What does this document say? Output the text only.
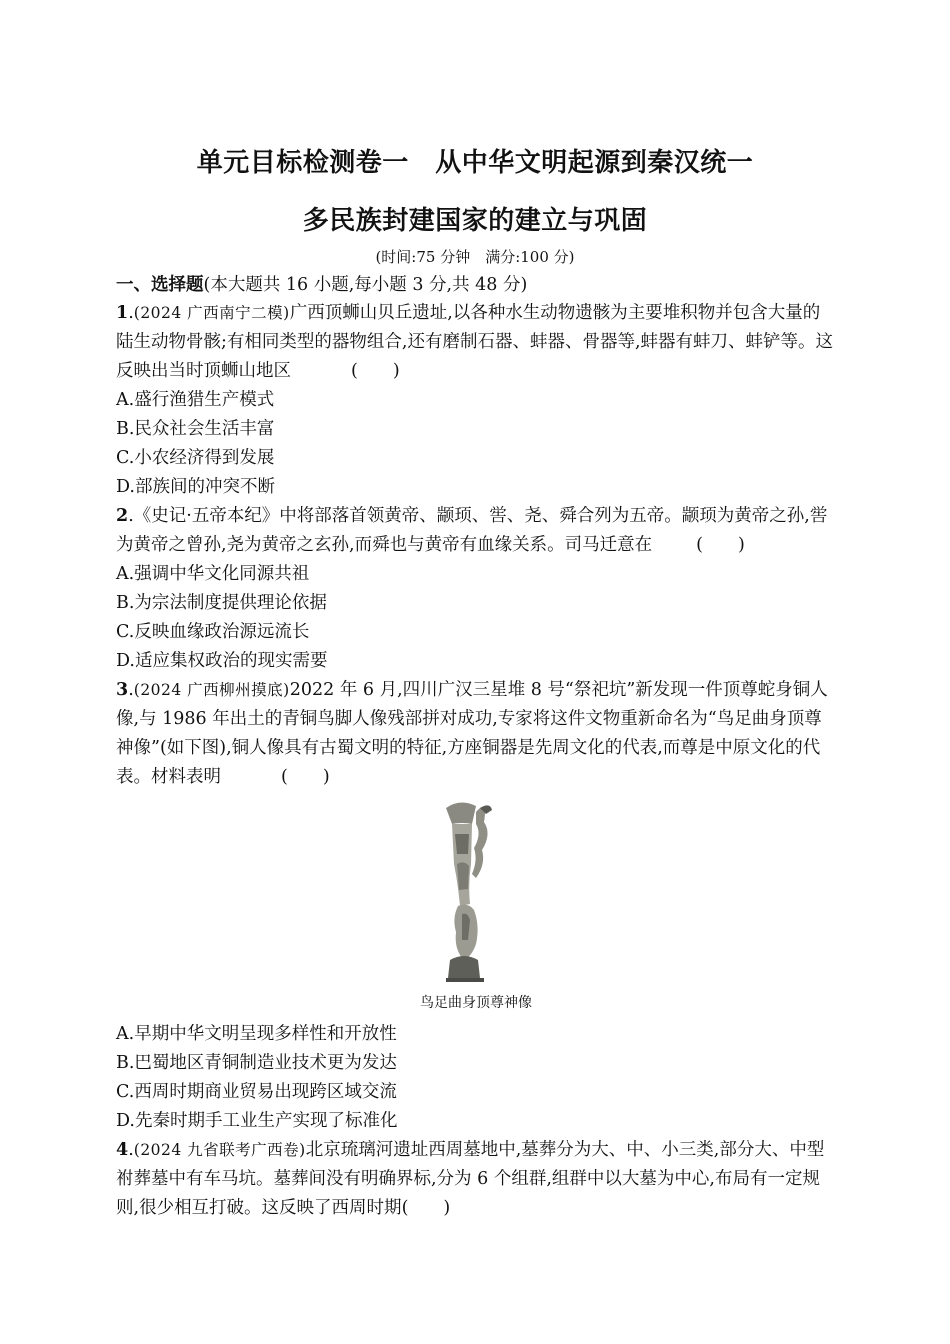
单元目标检测卷一　从中华文明起源到秦汉统一
多民族封建国家的建立与巩固
(时间:75 分钟　满分:100 分)
一、选择题(本大题共 16 小题,每小题 3 分,共 48 分)

1.(2024 广西南宁二模)广西顶蛳山贝丘遗址,以各种水生动物遗骸为主要堆积物并包含大量的陆生动物骨骸;有相同类型的器物组合,还有磨制石器、蚌器、骨器等,蚌器有蚌刀、蚌铲等。这反映出当时顶蛳山地区	(　　)

A.盛行渔猎生产模式

B.民众社会生活丰富

C.小农经济得到发展

D.部族间的冲突不断

2.《史记·五帝本纪》中将部落首领黄帝、颛顼、喾、尧、舜合列为五帝。颛顼为黄帝之孙,喾为黄帝之曾孙,尧为黄帝之玄孙,而舜也与黄帝有血缘关系。司马迁意在	(　　)

A.强调中华文化同源共祖

B.为宗法制度提供理论依据

C.反映血缘政治源远流长

D.适应集权政治的现实需要

3.(2024 广西柳州摸底)2022 年 6 月,四川广汉三星堆 8 号“祭祀坑”新发现一件顶尊蛇身铜人像,与 1986 年出土的青铜鸟脚人像残部拼对成功,专家将这件文物重新命名为“鸟足曲身顶尊神像”(如下图),铜人像具有古蜀文明的特征,方座铜器是先周文化的代表,而尊是中原文化的代表。材料表明	(　　)

鸟足曲身顶尊神像

A.早期中华文明呈现多样性和开放性

B.巴蜀地区青铜制造业技术更为发达

C.西周时期商业贸易出现跨区域交流

D.先秦时期手工业生产实现了标准化

4.(2024 九省联考广西卷)北京琉璃河遗址西周墓地中,墓葬分为大、中、小三类,部分大、中型祔葬墓中有车马坑。墓葬间没有明确界标,分为 6 个组群,组群中以大墓为中心,布局有一定规则,很少相互打破。这反映了西周时期(　　)
